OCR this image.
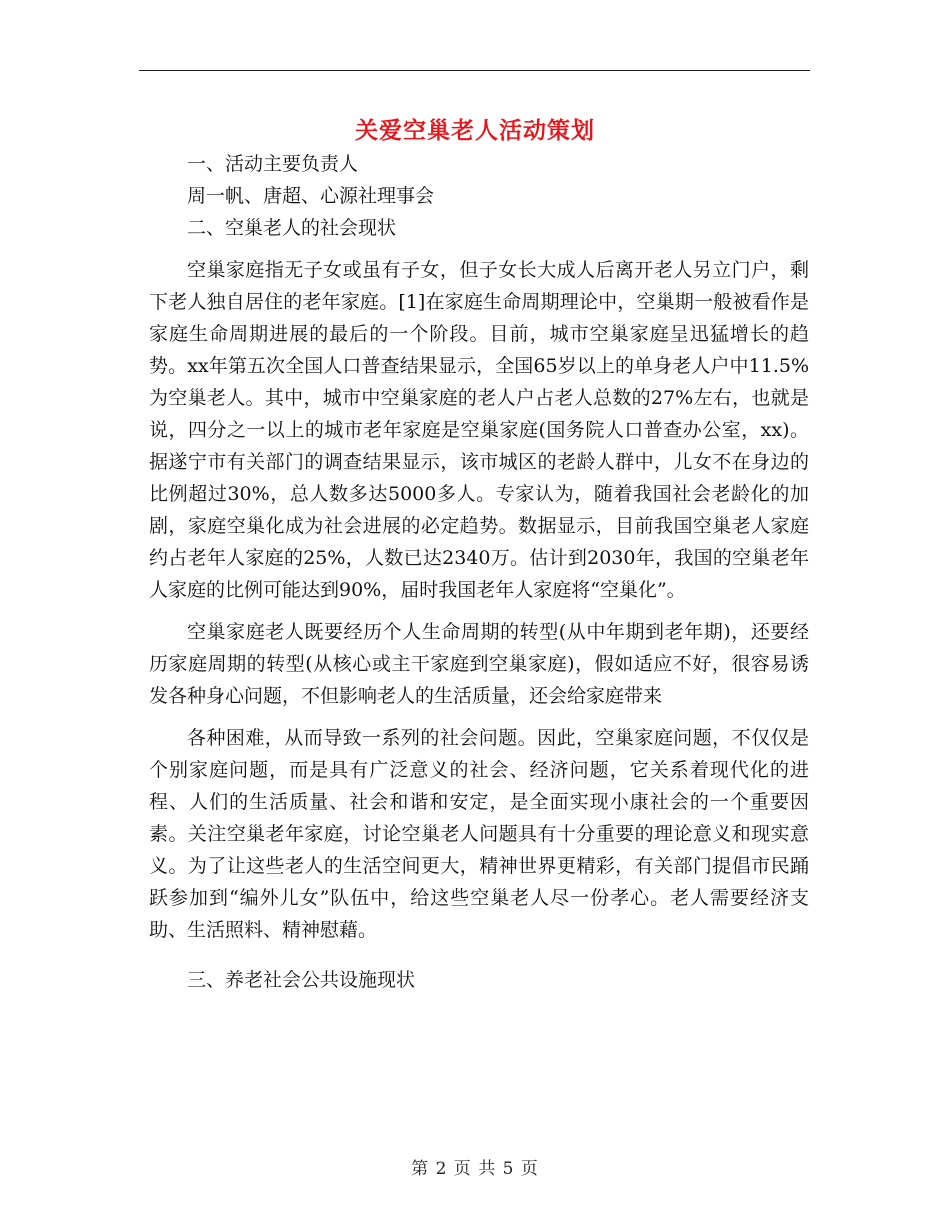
关爱空巢老人活动策划

一、活动主要负责人

周一帆、唐超、心源社理事会

二、空巢老人的社会现状

空巢家庭指无子女或虽有子女，但子女长大成人后离开老人另立门户，剩下老人独自居住的老年家庭。[1]在家庭生命周期理论中，空巢期一般被看作是家庭生命周期进展的最后的一个阶段。目前，城市空巢家庭呈迅猛增长的趋势。xx年第五次全国人口普查结果显示，全国65岁以上的单身老人户中11.5%为空巢老人。其中，城市中空巢家庭的老人户占老人总数的27%左右，也就是说，四分之一以上的城市老年家庭是空巢家庭(国务院人口普查办公室，xx)。据遂宁市有关部门的调查结果显示，该市城区的老龄人群中，儿女不在身边的比例超过30%，总人数多达5000多人。专家认为，随着我国社会老龄化的加剧，家庭空巢化成为社会进展的必定趋势。数据显示，目前我国空巢老人家庭约占老年人家庭的25%，人数已达2340万。估计到2030年，我国的空巢老年人家庭的比例可能达到90%，届时我国老年人家庭将“空巢化”。

空巢家庭老人既要经历个人生命周期的转型(从中年期到老年期)，还要经历家庭周期的转型(从核心或主干家庭到空巢家庭)，假如适应不好，很容易诱发各种身心问题，不但影响老人的生活质量，还会给家庭带来

各种困难，从而导致一系列的社会问题。因此，空巢家庭问题，不仅仅是个别家庭问题，而是具有广泛意义的社会、经济问题，它关系着现代化的进程、人们的生活质量、社会和谐和安定，是全面实现小康社会的一个重要因素。关注空巢老年家庭，讨论空巢老人问题具有十分重要的理论意义和现实意义。为了让这些老人的生活空间更大，精神世界更精彩，有关部门提倡市民踊跃参加到“编外儿女”队伍中，给这些空巢老人尽一份孝心。老人需要经济支助、生活照料、精神慰藉。

三、养老社会公共设施现状

第 2 页 共 5 页
